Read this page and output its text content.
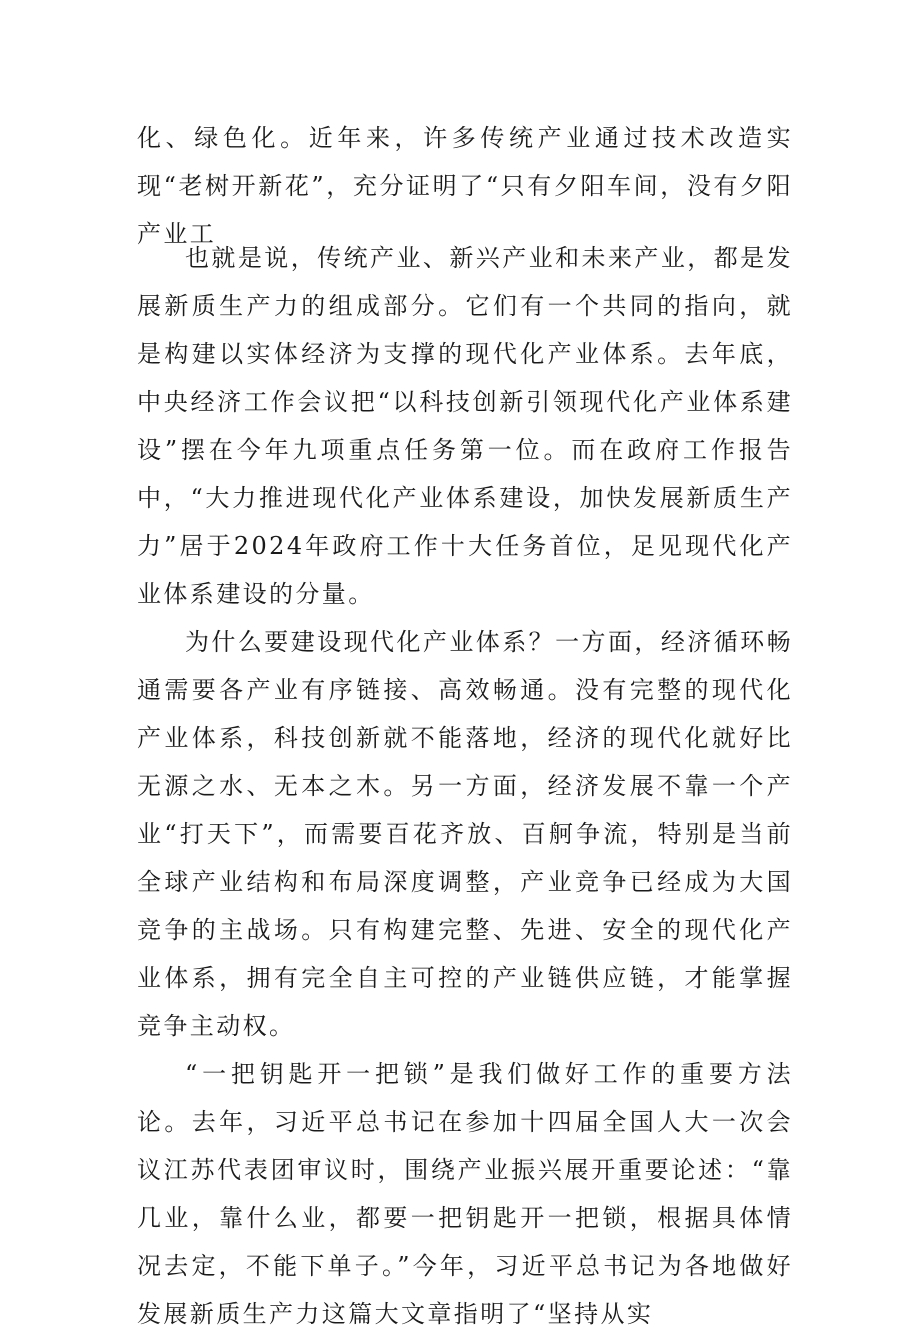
化、绿色化。近年来，许多传统产业通过技术改造实现“老树开新花”，充分证明了“只有夕阳车间，没有夕阳产业工

也就是说，传统产业、新兴产业和未来产业，都是发展新质生产力的组成部分。它们有一个共同的指向，就是构建以实体经济为支撑的现代化产业体系。去年底，中央经济工作会议把“以科技创新引领现代化产业体系建设”摆在今年九项重点任务第一位。而在政府工作报告中，“大力推进现代化产业体系建设，加快发展新质生产力”居于2024年政府工作十大任务首位，足见现代化产业体系建设的分量。

为什么要建设现代化产业体系？一方面，经济循环畅通需要各产业有序链接、高效畅通。没有完整的现代化产业体系，科技创新就不能落地，经济的现代化就好比无源之水、无本之木。另一方面，经济发展不靠一个产业“打天下”，而需要百花齐放、百舸争流，特别是当前全球产业结构和布局深度调整，产业竞争已经成为大国竞争的主战场。只有构建完整、先进、安全的现代化产业体系，拥有完全自主可控的产业链供应链，才能掌握竞争主动权。

“一把钥匙开一把锁”是我们做好工作的重要方法论。去年，习近平总书记在参加十四届全国人大一次会议江苏代表团审议时，围绕产业振兴展开重要论述：“靠几业，靠什么业，都要一把钥匙开一把锁，根据具体情况去定，不能下单子。”今年，习近平总书记为各地做好发展新质生产力这篇大文章指明了“坚持从实
